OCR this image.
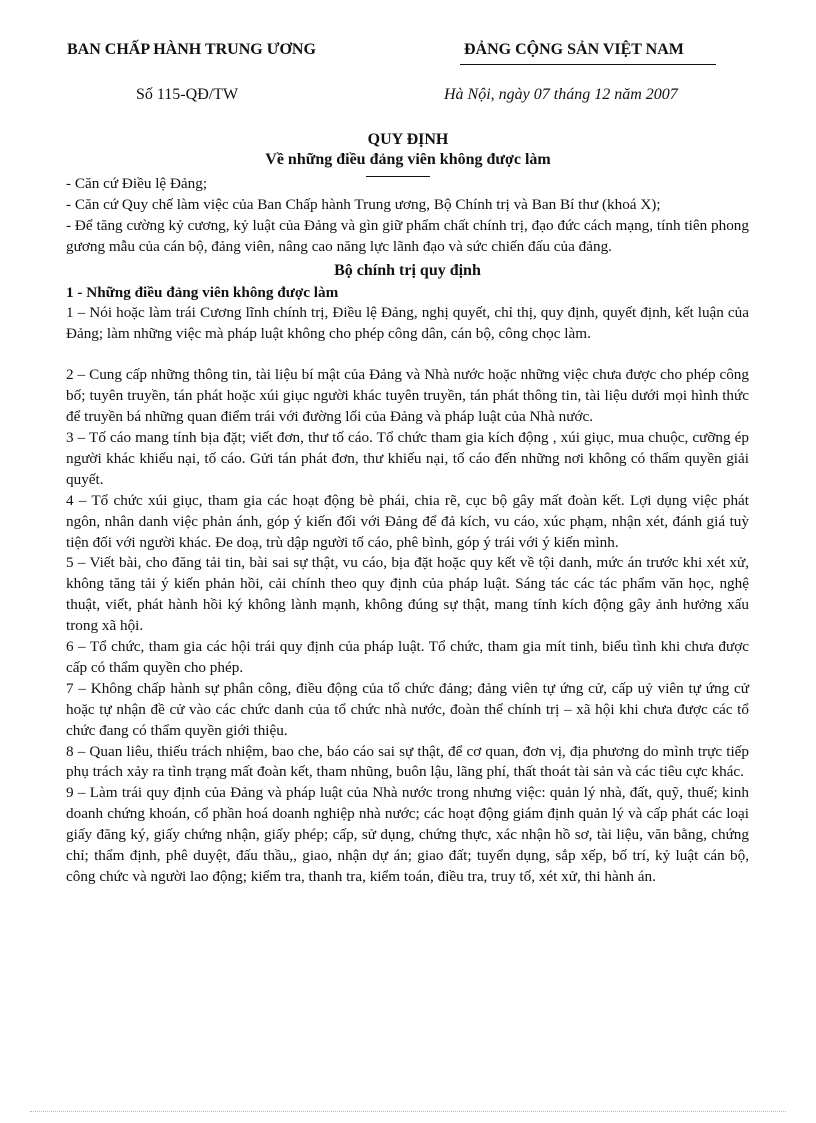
BAN CHẤP HÀNH TRUNG ƯƠNG	ĐẢNG CỘNG SẢN VIỆT NAM
Số 115-QĐ/TW	Hà Nội, ngày 07 tháng 12 năm 2007
QUY ĐỊNH
Về những điều đảng viên không được làm

- Căn cứ Điều lệ Đảng;

- Căn cứ Quy chế làm việc của Ban Chấp hành Trung ương, Bộ Chính trị và Ban Bí thư (khoá X);

- Để tăng cường kỷ cương, kỷ luật của Đảng và gìn giữ phẩm chất chính trị, đạo đức cách mạng, tính tiên phong gương mẫu của cán bộ, đảng viên, nâng cao năng lực lãnh đạo và sức chiến đấu của đảng.

Bộ chính trị quy định

1 - Những điều đảng viên không được làm

1 – Nói hoặc làm trái Cương lĩnh chính trị, Điều lệ Đảng, nghị quyết, chỉ thị, quy định, quyết định, kết luận của Đảng; làm những việc mà pháp luật không cho phép công dân, cán bộ, công chọc làm.

2 – Cung cấp những thông tin, tài liệu bí mật của Đảng và Nhà nước hoặc những việc chưa được cho phép công bố; tuyên truyền, tán phát hoặc xúi giục người khác tuyên truyền, tán phát thông tin, tài liệu dưới mọi hình thức để truyền bá những quan điểm trái với đường lối của Đảng và pháp luật của Nhà nước.

3 – Tố cáo mang tính bịa đặt; viết đơn, thư tố cáo. Tổ chức tham gia kích động , xúi giục, mua chuộc, cưỡng ép người khác khiếu nại, tố cáo. Gửi tán phát đơn, thư khiếu nại, tố cáo đến những nơi không có thẩm quyền giải quyết.

4 – Tổ chức xúi giục, tham gia các hoạt động bè phái, chia rẽ, cục bộ gây mất đoàn kết. Lợi dụng việc phát ngôn, nhân danh việc phản ánh, góp ý kiến đối với Đảng để đả kích, vu cáo, xúc phạm, nhận xét, đánh giá tuỳ tiện đối với người khác. Đe doạ, trù dập người tố cáo, phê bình, góp ý trái với ý kiến mình.

5 – Viết bài, cho đăng tải tin, bài sai sự thật, vu cáo, bịa đặt hoặc quy kết về tội danh, mức án trước khi xét xử, không tăng tải ý kiến phản hồi, cải chính theo quy định của pháp luật. Sáng tác các tác phẩm văn học, nghệ thuật, viết, phát hành hồi ký không lành mạnh, không đúng sự thật, mang tính kích động gây ảnh hưởng xấu trong xã hội.

6 – Tổ chức, tham gia các hội trái quy định của pháp luật. Tổ chức, tham gia mít tinh, biểu tình khi chưa được cấp có thẩm quyền cho phép.

7 – Không chấp hành sự phân công, điều động của tổ chức đảng; đảng viên tự ứng cử, cấp uỷ viên tự ứng cử hoặc tự nhận đề cử vào các chức danh của tổ chức nhà nước, đoàn thể chính trị – xã hội khi chưa được các tổ chức đang có thẩm quyền giới thiệu.

8 – Quan liêu, thiếu trách nhiệm, bao che, báo cáo sai sự thật, để cơ quan, đơn vị, địa phương do mình trực tiếp phụ trách xảy ra tình trạng mất đoàn kết, tham nhũng, buôn lậu, lãng phí, thất thoát tài sản và các tiêu cực khác.

9 – Làm trái quy định của Đảng và pháp luật của Nhà nước trong nhưng việc: quản lý nhà, đất, quỹ, thuế; kinh doanh chứng khoán, cổ phần hoá doanh nghiệp nhà nước; các hoạt động giám định quản lý và cấp phát các loại giấy đăng ký, giấy chứng nhận, giấy phép; cấp, sử dụng, chứng thực, xác nhận hồ sơ, tài liệu, văn bằng, chứng chỉ; thẩm định, phê duyệt, đấu thầu,, giao, nhận dự án; giao đất; tuyển dụng, sắp xếp, bố trí, kỷ luật cán bộ, công chức và người lao động; kiểm tra, thanh tra, kiểm toán, điều tra, truy tố, xét xử, thi hành án.
